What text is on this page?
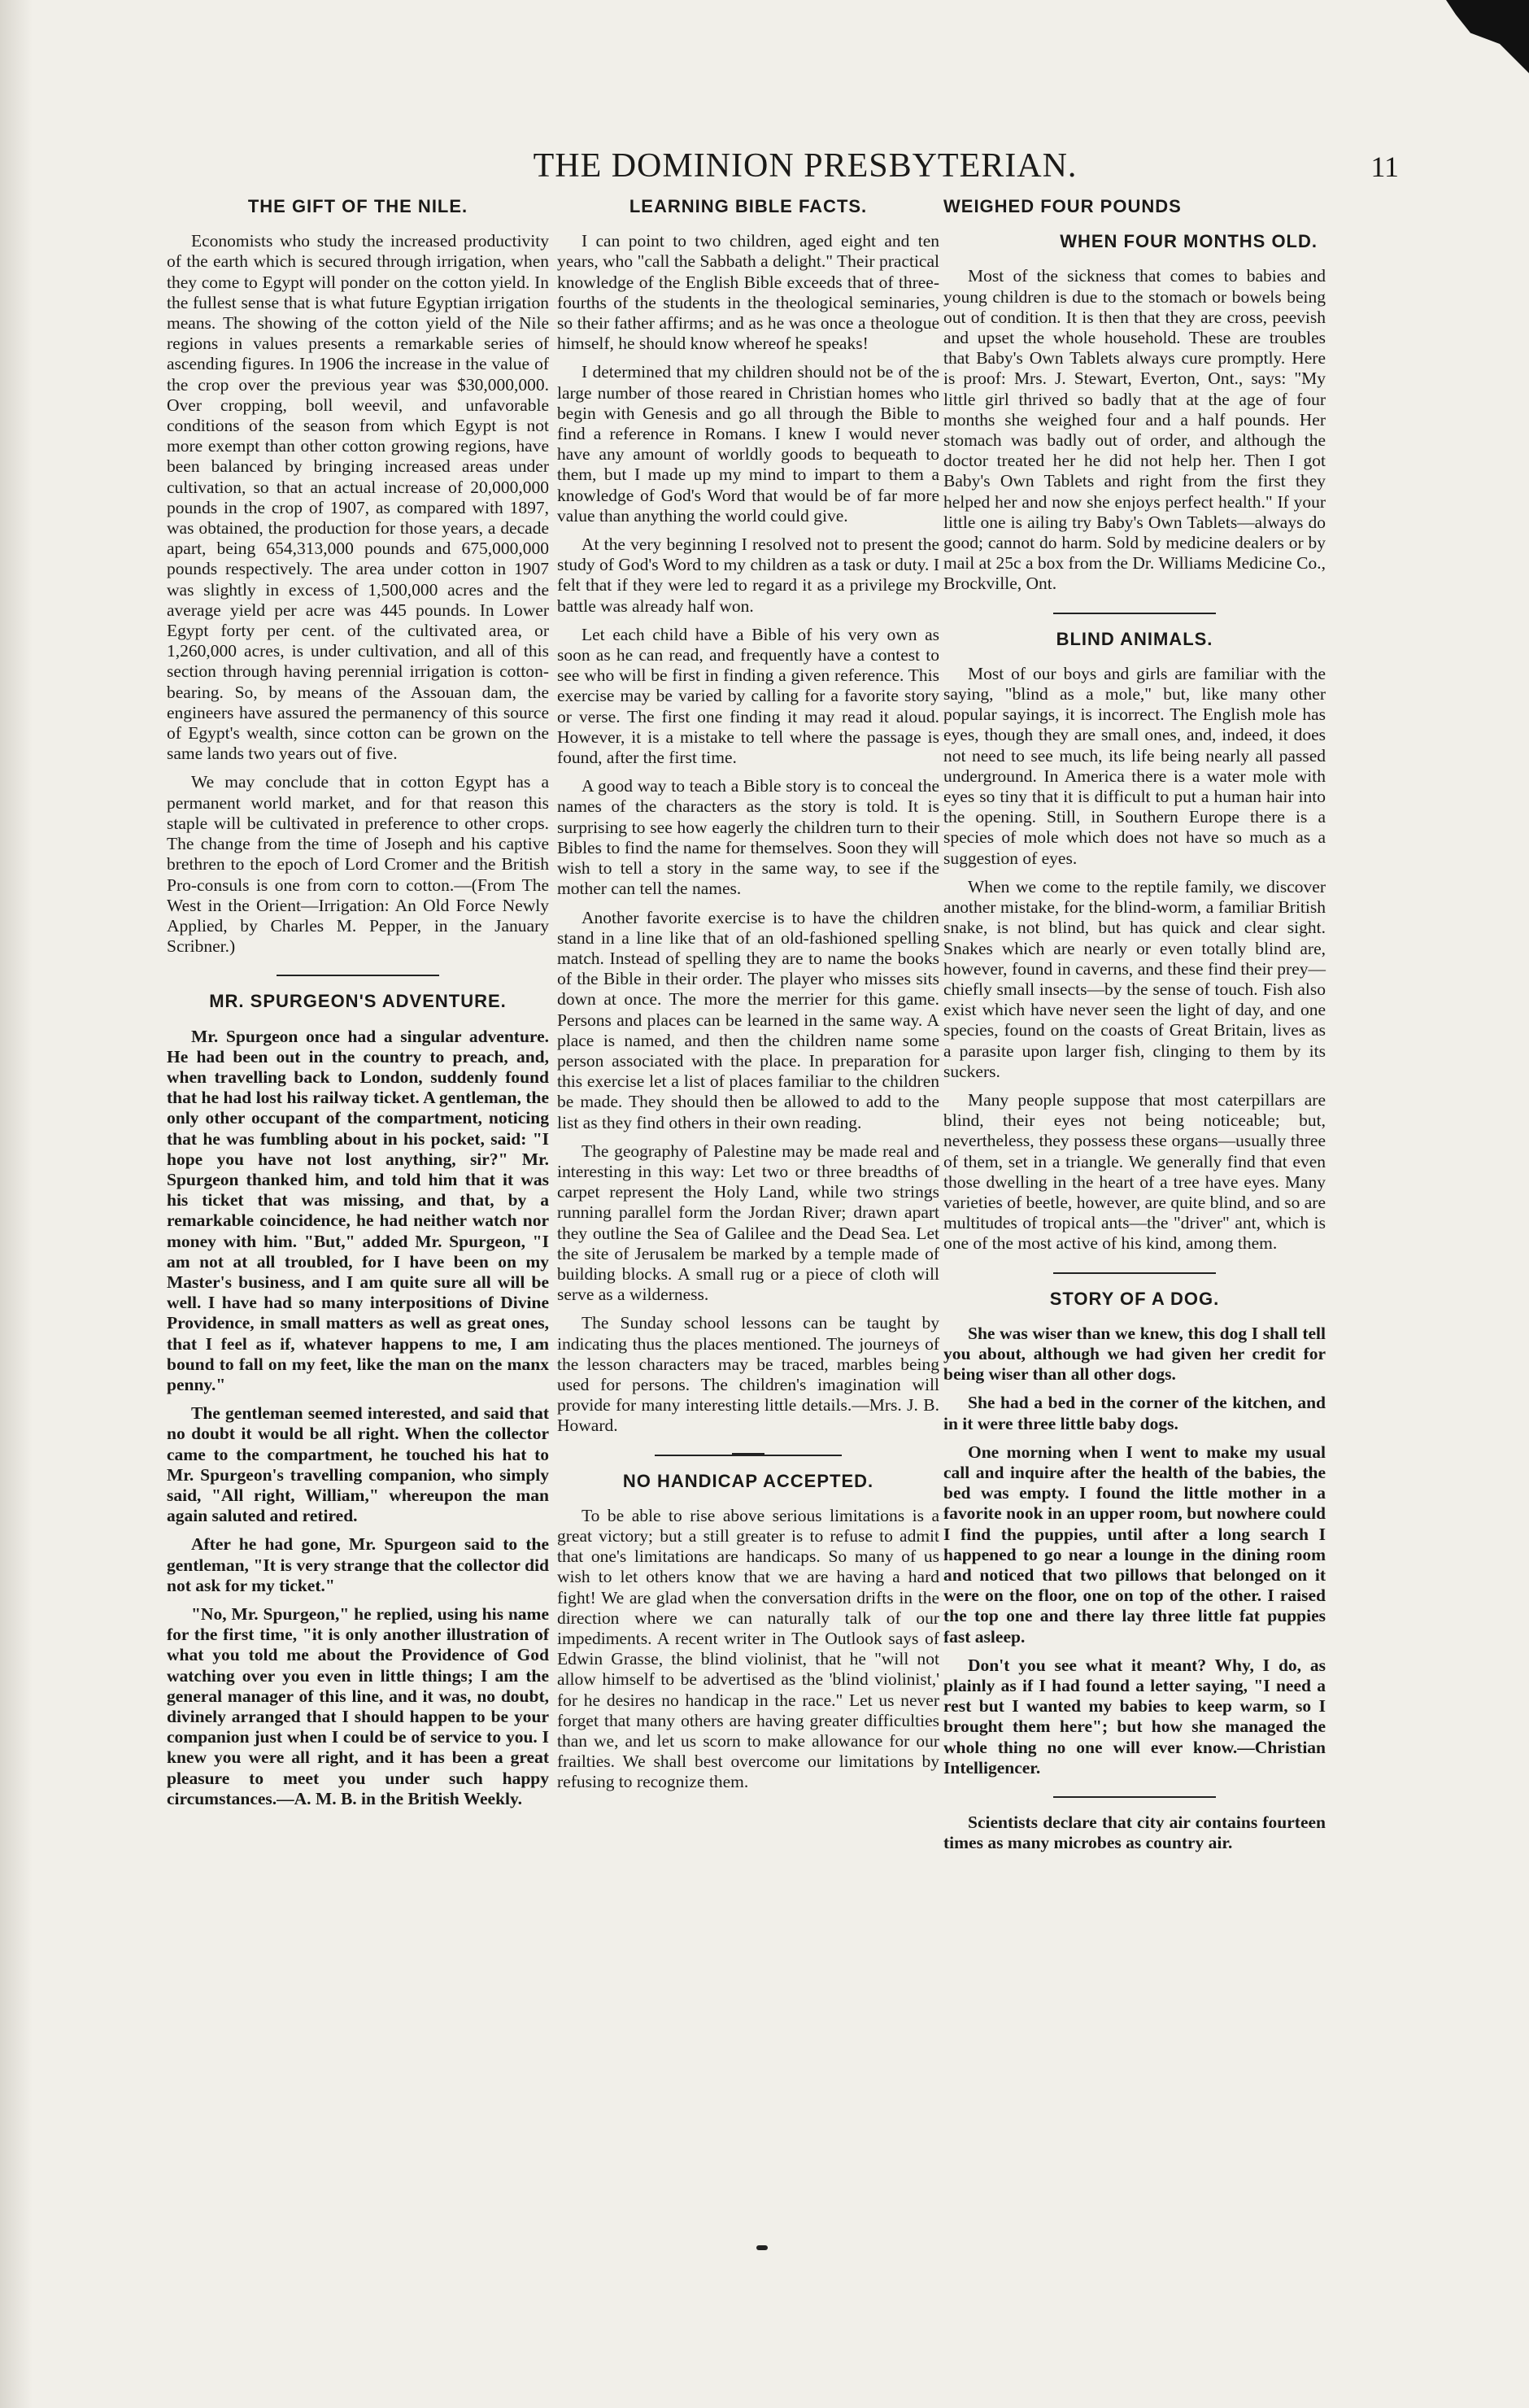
THE DOMINION PRESBYTERIAN.	11
THE GIFT OF THE NILE.

Economists who study the increased productivity of the earth which is secured through irrigation, when they come to Egypt will ponder on the cotton yield. In the fullest sense that is what future Egyptian irrigation means. The showing of the cotton yield of the Nile regions in values presents a remarkable series of ascending figures. In 1906 the increase in the value of the crop over the previous year was $30,000,000. Over cropping, boll weevil, and unfavorable conditions of the season from which Egypt is not more exempt than other cotton growing regions, have been balanced by bringing increased areas under cultivation, so that an actual increase of 20,000,000 pounds in the crop of 1907, as compared with 1897, was obtained, the production for those years, a decade apart, being 654,313,000 pounds and 675,000,000 pounds respectively. The area under cotton in 1907 was slightly in excess of 1,500,000 acres and the average yield per acre was 445 pounds. In Lower Egypt forty per cent. of the cultivated area, or 1,260,000 acres, is under cultivation, and all of this section through having perennial irrigation is cotton-bearing. So, by means of the Assouan dam, the engineers have assured the permanency of this source of Egypt's wealth, since cotton can be grown on the same lands two years out of five.

We may conclude that in cotton Egypt has a permanent world market, and for that reason this staple will be cultivated in preference to other crops. The change from the time of Joseph and his captive brethren to the epoch of Lord Cromer and the British Pro-consuls is one from corn to cotton.—(From The West in the Orient—Irrigation: An Old Force Newly Applied, by Charles M. Pepper, in the January Scribner.)

MR. SPURGEON'S ADVENTURE.

Mr. Spurgeon once had a singular adventure. He had been out in the country to preach, and, when travelling back to London, suddenly found that he had lost his railway ticket. A gentleman, the only other occupant of the compartment, noticing that he was fumbling about in his pocket, said: "I hope you have not lost anything, sir?" Mr. Spurgeon thanked him, and told him that it was his ticket that was missing, and that, by a remarkable coincidence, he had neither watch nor money with him. "But," added Mr. Spurgeon, "I am not at all troubled, for I have been on my Master's business, and I am quite sure all will be well. I have had so many interpositions of Divine Providence, in small matters as well as great ones, that I feel as if, whatever happens to me, I am bound to fall on my feet, like the man on the manx penny."

The gentleman seemed interested, and said that no doubt it would be all right. When the collector came to the compartment, he touched his hat to Mr. Spurgeon's travelling companion, who simply said, "All right, William," whereupon the man again saluted and retired.

After he had gone, Mr. Spurgeon said to the gentleman, "It is very strange that the collector did not ask for my ticket."

"No, Mr. Spurgeon," he replied, using his name for the first time, "it is only another illustration of what you told me about the Providence of God watching over you even in little things; I am the general manager of this line, and it was, no doubt, divinely arranged that I should happen to be your companion just when I could be of service to you. I knew you were all right, and it has been a great pleasure to meet you under such happy circumstances.—A. M. B. in the British Weekly.

LEARNING BIBLE FACTS.

I can point to two children, aged eight and ten years, who "call the Sabbath a delight." Their practical knowledge of the English Bible exceeds that of three-fourths of the students in the theological seminaries, so their father affirms; and as he was once a theologue himself, he should know whereof he speaks!

I determined that my children should not be of the large number of those reared in Christian homes who begin with Genesis and go all through the Bible to find a reference in Romans. I knew I would never have any amount of worldly goods to bequeath to them, but I made up my mind to impart to them a knowledge of God's Word that would be of far more value than anything the world could give.

At the very beginning I resolved not to present the study of God's Word to my children as a task or duty. I felt that if they were led to regard it as a privilege my battle was already half won.

Let each child have a Bible of his very own as soon as he can read, and frequently have a contest to see who will be first in finding a given reference. This exercise may be varied by calling for a favorite story or verse. The first one finding it may read it aloud. However, it is a mistake to tell where the passage is found, after the first time.

A good way to teach a Bible story is to conceal the names of the characters as the story is told. It is surprising to see how eagerly the children turn to their Bibles to find the name for themselves. Soon they will wish to tell a story in the same way, to see if the mother can tell the names.

Another favorite exercise is to have the children stand in a line like that of an old-fashioned spelling match. Instead of spelling they are to name the books of the Bible in their order. The player who misses sits down at once. The more the merrier for this game. Persons and places can be learned in the same way. A place is named, and then the children name some person associated with the place. In preparation for this exercise let a list of places familiar to the children be made. They should then be allowed to add to the list as they find others in their own reading.

The geography of Palestine may be made real and interesting in this way: Let two or three breadths of carpet represent the Holy Land, while two strings running parallel form the Jordan River; drawn apart they outline the Sea of Galilee and the Dead Sea. Let the site of Jerusalem be marked by a temple made of building blocks. A small rug or a piece of cloth will serve as a wilderness.

The Sunday school lessons can be taught by indicating thus the places mentioned. The journeys of the lesson characters may be traced, marbles being used for persons. The children's imagination will provide for many interesting little details.—Mrs. J. B. Howard.

NO HANDICAP ACCEPTED.

To be able to rise above serious limitations is a great victory; but a still greater is to refuse to admit that one's limitations are handicaps. So many of us wish to let others know that we are having a hard fight! We are glad when the conversation drifts in the direction where we can naturally talk of our impediments. A recent writer in The Outlook says of Edwin Grasse, the blind violinist, that he "will not allow himself to be advertised as the 'blind violinist,' for he desires no handicap in the race." Let us never forget that many others are having greater difficulties than we, and let us scorn to make allowance for our frailties. We shall best overcome our limitations by refusing to recognize them.

WEIGHED FOUR POUNDS
WHEN FOUR MONTHS OLD.

Most of the sickness that comes to babies and young children is due to the stomach or bowels being out of condition. It is then that they are cross, peevish and upset the whole household. These are troubles that Baby's Own Tablets always cure promptly. Here is proof: Mrs. J. Stewart, Everton, Ont., says: "My little girl thrived so badly that at the age of four months she weighed four and a half pounds. Her stomach was badly out of order, and although the doctor treated her he did not help her. Then I got Baby's Own Tablets and right from the first they helped her and now she enjoys perfect health." If your little one is ailing try Baby's Own Tablets—always do good; cannot do harm. Sold by medicine dealers or by mail at 25c a box from the Dr. Williams Medicine Co., Brockville, Ont.

BLIND ANIMALS.

Most of our boys and girls are familiar with the saying, "blind as a mole," but, like many other popular sayings, it is incorrect. The English mole has eyes, though they are small ones, and, indeed, it does not need to see much, its life being nearly all passed underground. In America there is a water mole with eyes so tiny that it is difficult to put a human hair into the opening. Still, in Southern Europe there is a species of mole which does not have so much as a suggestion of eyes.

When we come to the reptile family, we discover another mistake, for the blind-worm, a familiar British snake, is not blind, but has quick and clear sight. Snakes which are nearly or even totally blind are, however, found in caverns, and these find their prey—chiefly small insects—by the sense of touch. Fish also exist which have never seen the light of day, and one species, found on the coasts of Great Britain, lives as a parasite upon larger fish, clinging to them by its suckers.

Many people suppose that most caterpillars are blind, their eyes not being noticeable; but, nevertheless, they possess these organs—usually three of them, set in a triangle. We generally find that even those dwelling in the heart of a tree have eyes. Many varieties of beetle, however, are quite blind, and so are multitudes of tropical ants—the "driver" ant, which is one of the most active of his kind, among them.

STORY OF A DOG.

She was wiser than we knew, this dog I shall tell you about, although we had given her credit for being wiser than all other dogs.

She had a bed in the corner of the kitchen, and in it were three little baby dogs.

One morning when I went to make my usual call and inquire after the health of the babies, the bed was empty. I found the little mother in a favorite nook in an upper room, but nowhere could I find the puppies, until after a long search I happened to go near a lounge in the dining room and noticed that two pillows that belonged on it were on the floor, one on top of the other. I raised the top one and there lay three little fat puppies fast asleep.

Don't you see what it meant? Why, I do, as plainly as if I had found a letter saying, "I need a rest but I wanted my babies to keep warm, so I brought them here"; but how she managed the whole thing no one will ever know.—Christian Intelligencer.

Scientists declare that city air contains fourteen times as many microbes as country air.
